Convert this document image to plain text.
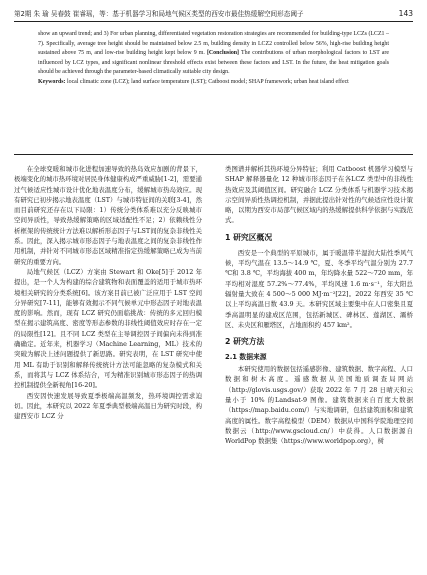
第2期 朱 瑜 吴春鼓 崔睿瑶，等：基于机器学习和局地气候区类型的西安市最佳热缓解空间形态阈子	143
show an upward trend; and 3) For urban planning, differentiated vegetation restoration strategies are recommended for building-type LCZs (LCZ1 – 7). Specifically, average tree height should be maintained below 2.5 m, building density in LCZ2 controlled below 56%, high-rise building height sustained above 75 m, and low-rise building height kept below 9 m. [Conclusion] The contributions of urban morphological factors to LST are influenced by LCZ types, and significant nonlinear threshold effects exist between these factors and LST. In the future, the heat mitigation goals should be achieved through the parameter-based climatically suitable city design.
Keywords: local climatic zone (LCZ); land surface temperature (LST); Catboost model; SHAP framework; urban heat island effect

在全球变暖和城市化进程加速导致的热岛效应加剧的背景下，极端变化的城市热环境对居民身体健康构成严重威胁[1-2]，需要通过气候适应性城市设计优化地表温度分布，缓解城市热岛效应。现有研究已初步揭示地表温度（LST）与城市特征间的关联[3-4]，然而目前研究还存在以下局限：1）传统分类体系难以充分反映城市空间异质性，导致热缓解策略的区域适配性不足；2）依赖线性分析框架的传统统计方法难以解析形态因子与LST间的复杂非线性关系。因此，深入揭示城市形态因子与地表温度之间的复杂非线性作用机制，并针对不同城市形态区域精准指定热缓解策略已成为当前研究的重要方向。

局地气候区（LCZ）方案由 Stewart 和 Oke[5]于 2012 年提出，是一个人为构建的综合建筑物和表面覆盖的适用于城市热环境相关研究的分类系统[6]。该方案目前已被广泛应用于 LST 空间分异研究[7-11]，能够有效揭示不同气候单元中形态因子对地表温度的影响。然而，现有 LCZ 研究仍面临挑战：传统的多元回归模型在揭示建筑高度、密度等形态参数的非线性阈值效应时存在一定的局限性[12]。且不同 LCZ 类型在主导调控因子间偏向未得到准确确定。近年来，机器学习（Machine Learning，ML）技术的突破为解决上述问题提供了新思路。研究表明，在 LST 研究中使用 ML 有助于识别和解释传统统计方法可能忽略的复杂模式和关系，而将其与 LCZ 体系结合，可为精准识别城市形态因子的热调控机制提供全新视角[16-20]。

西安因快速发展导致夏季极端高温频发，热环境调控需求迫切。因此，本研究以 2022 年夏季典型极端高温日为研究时段，构建西安市 LCZ 分

类图谱并解析其热环境分异特征；利用 Catboost 机器学习模型与 SHAP 解释器量化 12 种城市形态因子在各LCZ 类型中的非线性热效应及其阈值区间。研究融合 LCZ 分类体系与机器学习技术揭示空间异质性热调控机制，并据此提出针对性的气候适应性设计策略，以期为西安市局部气候区域内的热缓解提供科学依据与实践范式。

1 研究区概况

西安是一个典型的平原城市，属于暖温带半湿润大陆性季风气候，平均气温在 13.5～14.9 ℃，夏、冬季平均气温分别为 27.7 ℃和 3.8 ℃，平均海拔 400 m，年均降水量 522～720 mm，年平均相对湿度 57.2%～77.4%，平均风速 1.6 m·s⁻¹，年大阳总辐射量大致在 4 500～5 000 MJ·m⁻²[22]。2022 年西安 35 ℃以上平均高温日数 43.9 天。本研究区域主要集中在人口密集且夏季高温明显的建成区范围，包括新城区、碑林区、莲湖区、灞桥区、未央区和雁塔区，占地面积约 457 km²。

2 研究方法
2.1 数据来源

本研究使用的数据包括遥感影像、建筑数据、数字高程、人口数据和树木高度。遥感数据从美国地质调查局网站（http://glovis.usgs.gov/）获取 2022 年 7 月 28 日晴天和云量小于 10% 的Landsat-9 图像。建筑数据来自百度大数据（https://map.baidu.com/）与实地调研，包括建筑面积和建筑高度的属性。数字高程模型（DEM）数据从中国科学院地理空间数据云（http://www.gscloud.cn/）中获得。人口数据源自WorldPop 数据集（https://www.worldpop.org），树
